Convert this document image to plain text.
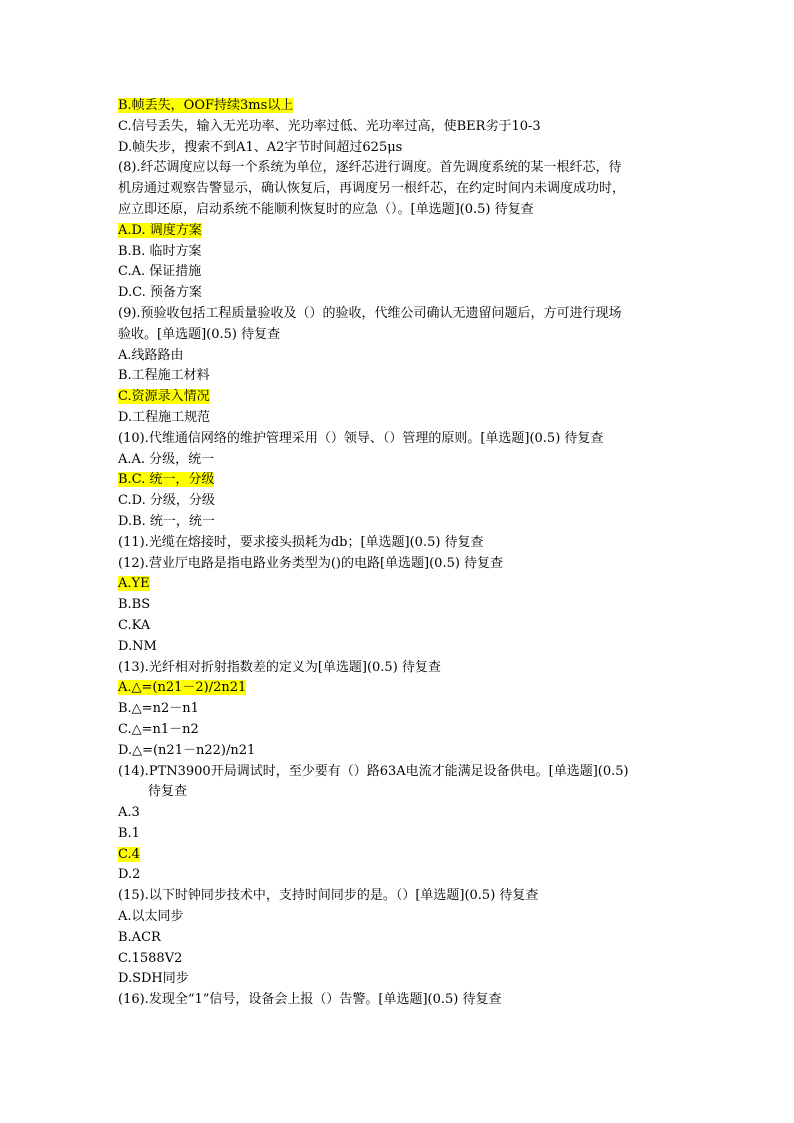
B.帧丢失，OOF持续3ms以上
C.信号丢失，输入无光功率、光功率过低、光功率过高，使BER劣于10-3
D.帧失步，搜索不到A1、A2字节时间超过625μs
(8).纤芯调度应以每一个系统为单位，逐纤芯进行调度。首先调度系统的某一根纤芯，待
机房通过观察告警显示，确认恢复后，再调度另一根纤芯，在约定时间内未调度成功时，
应立即还原，启动系统不能顺利恢复时的应急（）。[单选题](0.5) 待复查
A.D. 调度方案
B.B. 临时方案
C.A. 保证措施
D.C. 预备方案
(9).预验收包括工程质量验收及（）的验收，代维公司确认无遗留问题后，方可进行现场
验收。[单选题](0.5) 待复查
A.线路路由
B.工程施工材料
C.资源录入情况
D.工程施工规范
(10).代维通信网络的维护管理采用（）领导、（）管理的原则。[单选题](0.5) 待复查
A.A. 分级，统一
B.C. 统一，分级
C.D. 分级，分级
D.B. 统一，统一
(11).光缆在熔接时，要求接头损耗为db；[单选题](0.5) 待复查
(12).营业厅电路是指电路业务类型为()的电路[单选题](0.5) 待复查
A.YE
B.BS
C.KA
D.NM
(13).光纤相对折射指数差的定义为[单选题](0.5) 待复查
A.△=(n21－2)/2n21
B.△=n2－n1
C.△=n1－n2
D.△=(n21－n22)/n21
(14).PTN3900开局调试时，至少要有（）路63A电流才能满足设备供电。[单选题](0.5)
待复查
A.3
B.1
C.4
D.2
(15).以下时钟同步技术中，支持时间同步的是。（）[单选题](0.5) 待复查
A.以太同步
B.ACR
C.1588V2
D.SDH同步
(16).发现全“1”信号，设备会上报（）告警。[单选题](0.5) 待复查
